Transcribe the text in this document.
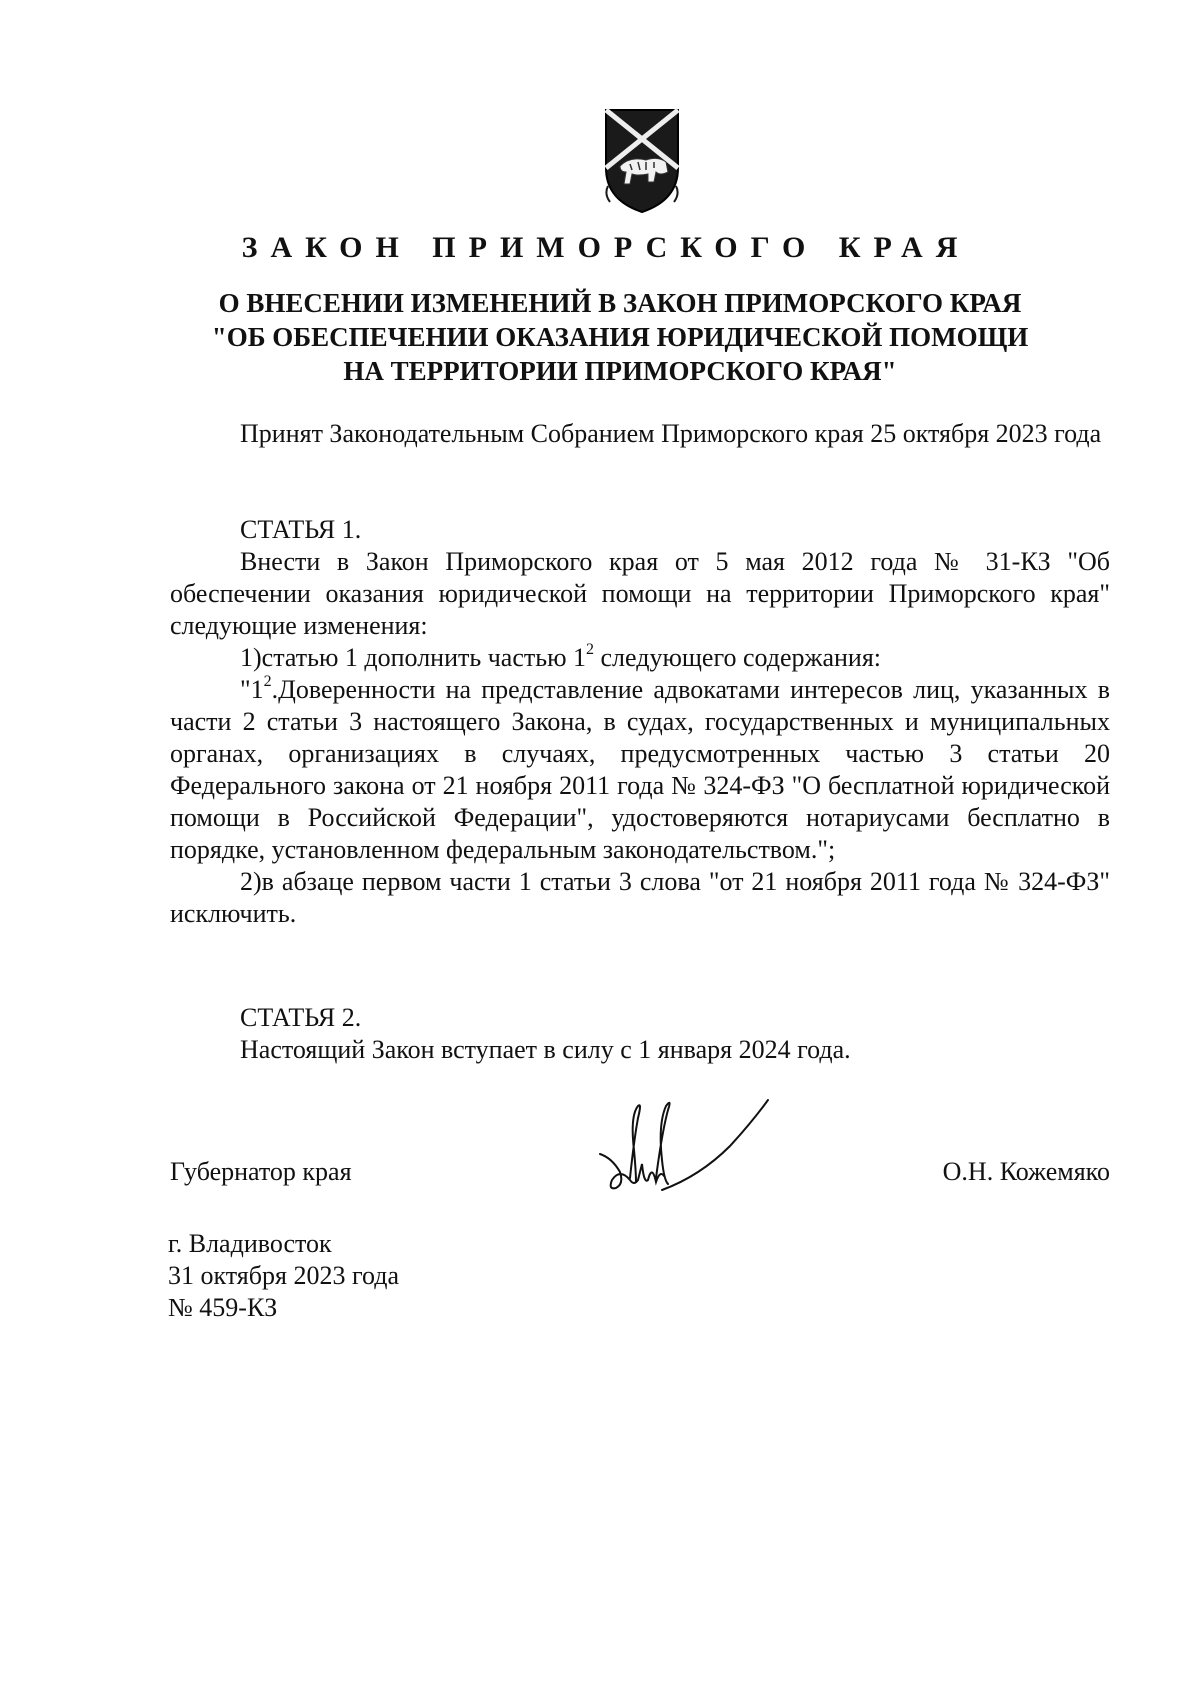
ЗАКОН ПРИМОРСКОГО КРАЯ
О ВНЕСЕНИИ ИЗМЕНЕНИЙ В ЗАКОН ПРИМОРСКОГО КРАЯ
"ОБ ОБЕСПЕЧЕНИИ ОКАЗАНИЯ ЮРИДИЧЕСКОЙ ПОМОЩИ
НА ТЕРРИТОРИИ ПРИМОРСКОГО КРАЯ"

Принят Законодательным Собранием Приморского края 25 октября 2023 года

СТАТЬЯ 1.

Внести в Закон Приморского края от 5 мая 2012 года № 31-КЗ "Об обеспечении оказания юридической помощи на территории Приморского края" следующие изменения:

1)статью 1 дополнить частью $1^2$ следующего содержания:

"$1^2.Доверенности$ на представление адвокатами интересов лиц, указанных в части 2 статьи 3 настоящего Закона, в судах, государственных и муниципальных органах, организациях в случаях, предусмотренных частью 3 статьи 20 Федерального закона от 21 ноября 2011 года № 324-ФЗ "О бесплатной юридической помощи в Российской Федерации", удостоверяются нотариусами бесплатно в порядке, установленном федеральным законодательством.";

2)в абзаце первом части 1 статьи 3 слова "от 21 ноября 2011 года № 324-ФЗ" исключить.

СТАТЬЯ 2.

Настоящий Закон вступает в силу с 1 января 2024 года.

Губернатор края	О.Н. Кожемяко
г. Владивосток
31 октября 2023 года
№ 459-КЗ
